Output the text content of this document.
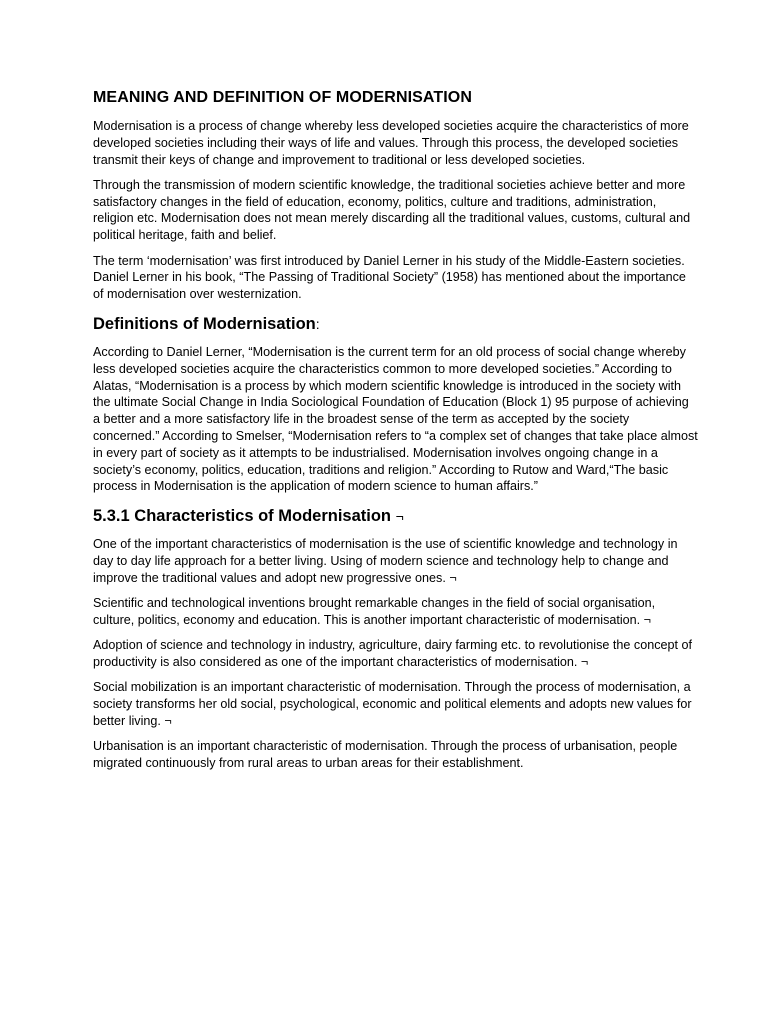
MEANING AND DEFINITION OF MODERNISATION

Modernisation is a process of change whereby less developed societies acquire the characteristics of more developed societies including their ways of life and values. Through this process, the developed societies transmit their keys of change and improvement to traditional or less developed societies.

Through the transmission of modern scientific knowledge, the traditional societies achieve better and more satisfactory changes in the field of education, economy, politics, culture and traditions, administration, religion etc. Modernisation does not mean merely discarding all the traditional values, customs, cultural and political heritage, faith and belief.

The term ‘modernisation’ was first introduced by Daniel Lerner in his study of the Middle-Eastern societies. Daniel Lerner in his book, “The Passing of Traditional Society” (1958) has mentioned about the importance of modernisation over westernization.

Definitions of Modernisation:

According to Daniel Lerner, “Modernisation is the current term for an old process of social change whereby less developed societies acquire the characteristics common to more developed societies.” According to Alatas, “Modernisation is a process by which modern scientific knowledge is introduced in the society with the ultimate Social Change in India Sociological Foundation of Education (Block 1) 95 purpose of achieving a better and a more satisfactory life in the broadest sense of the term as accepted by the society concerned.” According to Smelser, “Modernisation refers to “a complex set of changes that take place almost in every part of society as it attempts to be industrialised. Modernisation involves ongoing change in a society’s economy, politics, education, traditions and religion.” According to Rutow and Ward,“The basic process in Modernisation is the application of modern science to human affairs.”

5.3.1 Characteristics of Modernisation ¬

One of the important characteristics of modernisation is the use of scientific knowledge and technology in day to day life approach for a better living. Using of modern science and technology help to change and improve the traditional values and adopt new progressive ones. ¬

Scientific and technological inventions brought remarkable changes in the field of social organisation, culture, politics, economy and education. This is another important characteristic of modernisation. ¬

Adoption of science and technology in industry, agriculture, dairy farming etc. to revolutionise the concept of productivity is also considered as one of the important characteristics of modernisation. ¬

Social mobilization is an important characteristic of modernisation. Through the process of modernisation, a society transforms her old social, psychological, economic and political elements and adopts new values for better living. ¬

Urbanisation is an important characteristic of modernisation. Through the process of urbanisation, people migrated continuously from rural areas to urban areas for their establishment.
